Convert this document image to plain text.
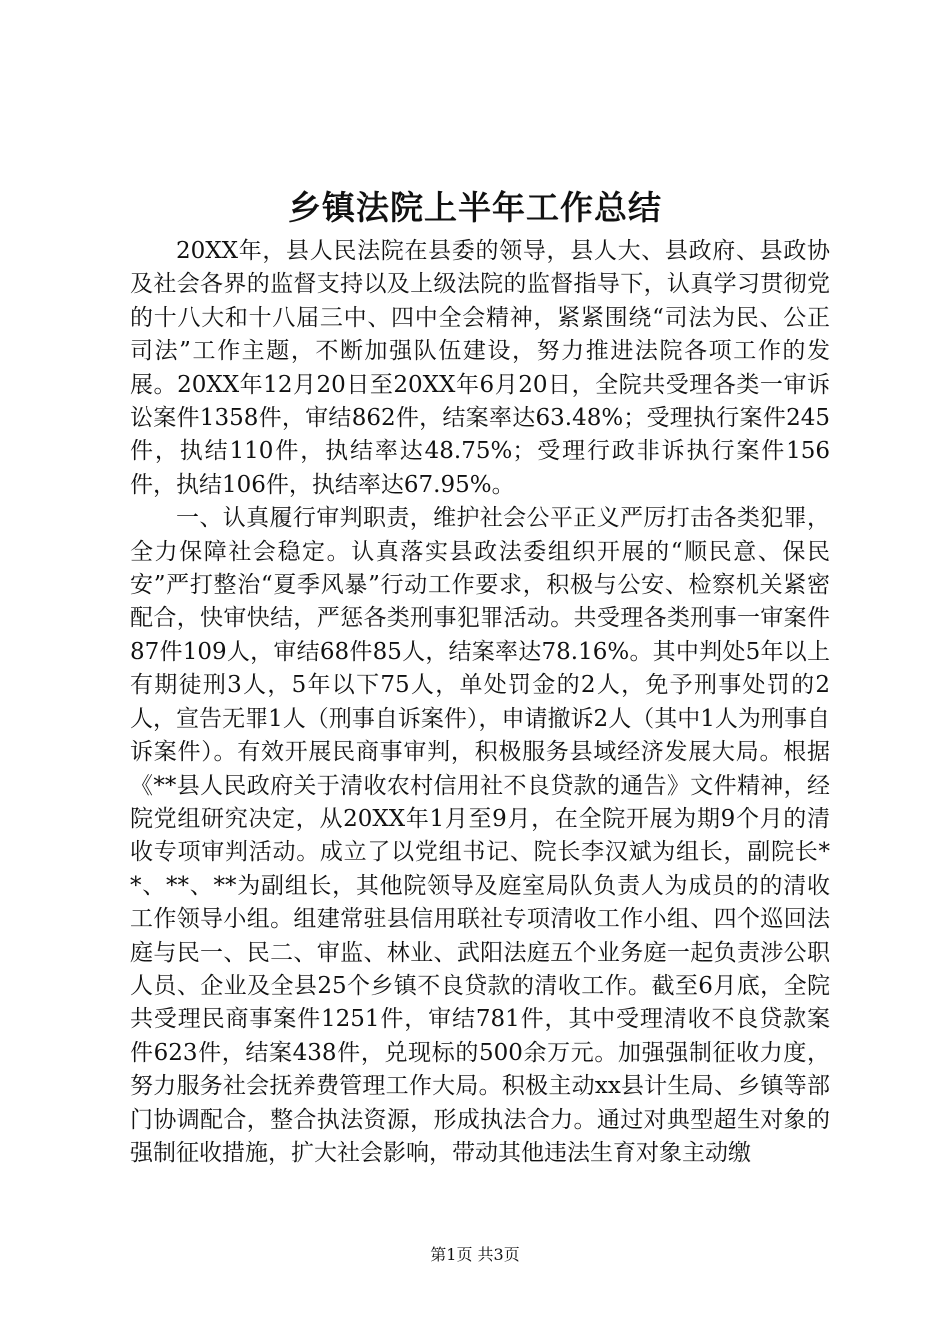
乡镇法院上半年工作总结

20XX年，县人民法院在县委的领导，县人大、县政府、县政协及社会各界的监督支持以及上级法院的监督指导下，认真学习贯彻党的十八大和十八届三中、四中全会精神，紧紧围绕“司法为民、公正司法”工作主题，不断加强队伍建设，努力推进法院各项工作的发展。20XX年12月20日至20XX年6月20日，全院共受理各类一审诉讼案件1358件，审结862件，结案率达63.48%；受理执行案件245件，执结110件，执结率达48.75%；受理行政非诉执行案件156件，执结106件，执结率达67.95%。

一、认真履行审判职责，维护社会公平正义严厉打击各类犯罪，全力保障社会稳定。认真落实县政法委组织开展的“顺民意、保民安”严打整治“夏季风暴”行动工作要求，积极与公安、检察机关紧密配合，快审快结，严惩各类刑事犯罪活动。共受理各类刑事一审案件87件109人，审结68件85人，结案率达78.16%。其中判处5年以上有期徒刑3人，5年以下75人，单处罚金的2人，免予刑事处罚的2人，宣告无罪1人（刑事自诉案件），申请撤诉2人（其中1人为刑事自诉案件）。有效开展民商事审判，积极服务县域经济发展大局。根据《**县人民政府关于清收农村信用社不良贷款的通告》文件精神，经院党组研究决定，从20XX年1月至9月，在全院开展为期9个月的清收专项审判活动。成立了以党组书记、院长李汉斌为组长，副院长**、**、**为副组长，其他院领导及庭室局队负责人为成员的的清收工作领导小组。组建常驻县信用联社专项清收工作小组、四个巡回法庭与民一、民二、审监、林业、武阳法庭五个业务庭一起负责涉公职人员、企业及全县25个乡镇不良贷款的清收工作。截至6月底，全院共受理民商事案件1251件，审结781件，其中受理清收不良贷款案件623件，结案438件，兑现标的500余万元。加强强制征收力度，努力服务社会抚养费管理工作大局。积极主动xx县计生局、乡镇等部门协调配合，整合执法资源，形成执法合力。通过对典型超生对象的强制征收措施，扩大社会影响，带动其他违法生育对象主动缴

第1页 共3页
